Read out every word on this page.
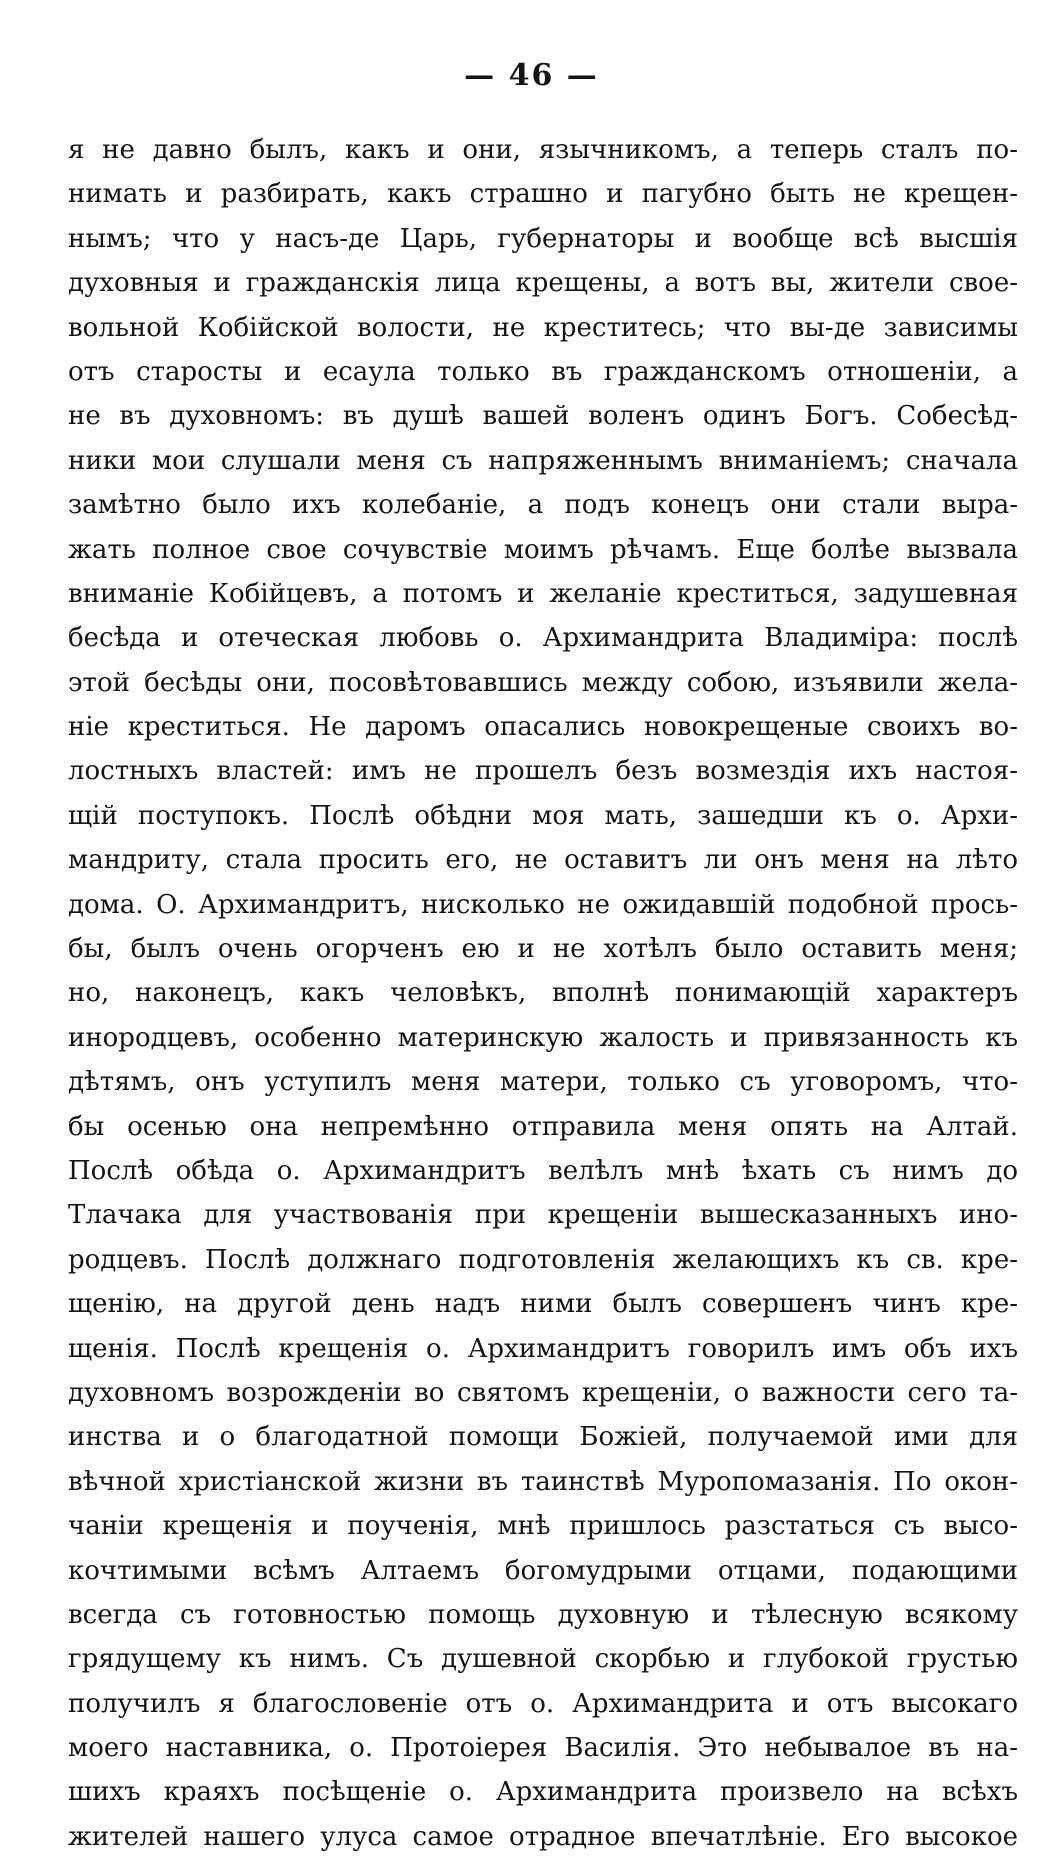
— 46 —
я не давно былъ, какъ и они, язычникомъ, а теперь сталъ по-
нимать и разбирать, какъ страшно и пагубно быть не крещен-
нымъ; что у насъ-де Царь, губернаторы и вообще всѣ высшія
духовныя и гражданскія лица крещены, а вотъ вы, жители свое-
вольной Кобійской волости, не креститесь; что вы-де зависимы
отъ старосты и есаула только въ гражданскомъ отношеніи, а
не въ духовномъ: въ душѣ вашей воленъ одинъ Богъ. Собесѣд-
ники мои слушали меня съ напряженнымъ вниманіемъ; сначала
замѣтно было ихъ колебаніе, а подъ конецъ они стали выра-
жать полное свое сочувствіе моимъ рѣчамъ. Еще болѣе вызвала
вниманіе Кобійцевъ, а потомъ и желаніе креститься, задушевная
бесѣда и отеческая любовь о. Архимандрита Владиміра: послѣ
этой бесѣды они, посовѣтовавшись между собою, изъявили жела-
ніе креститься. Не даромъ опасались новокрещеные своихъ во-
лостныхъ властей: имъ не прошелъ безъ возмездія ихъ настоя-
щій поступокъ. Послѣ обѣдни моя мать, зашедши къ о. Архи-
мандриту, стала просить его, не оставитъ ли онъ меня на лѣто
дома. О. Архимандритъ, нисколько не ожидавшій подобной прось-
бы, былъ очень огорченъ ею и не хотѣлъ было оставить меня;
но, наконецъ, какъ человѣкъ, вполнѣ понимающій характеръ
инородцевъ, особенно материнскую жалость и привязанность къ
дѣтямъ, онъ уступилъ меня матери, только съ уговоромъ, что-
бы осенью она непремѣнно отправила меня опять на Алтай.
Послѣ обѣда о. Архимандритъ велѣлъ мнѣ ѣхать съ нимъ до
Тлачака для участвованія при крещеніи вышесказанныхъ ино-
родцевъ. Послѣ должнаго подготовленія желающихъ къ св. кре-
щенію, на другой день надъ ними былъ совершенъ чинъ кре-
щенія. Послѣ крещенія о. Архимандритъ говорилъ имъ объ ихъ
духовномъ возрожденіи во святомъ крещеніи, о важности сего та-
инства и о благодатной помощи Божіей, получаемой ими для
вѣчной христіанской жизни въ таинствѣ Муропомазанія. По окон-
чаніи крещенія и поученія, мнѣ пришлось разстаться съ высо-
кочтимыми всѣмъ Алтаемъ богомудрыми отцами, подающими
всегда съ готовностью помощь духовную и тѣлесную всякому
грядущему къ нимъ. Съ душевной скорбью и глубокой грустью
получилъ я благословеніе отъ о. Архимандрита и отъ высокаго
моего наставника, о. Протоіерея Василія. Это небывалое въ на-
шихъ краяхъ посѣщеніе о. Архимандрита произвело на всѣхъ
жителей нашего улуса самое отрадное впечатлѣніе. Его высокое
